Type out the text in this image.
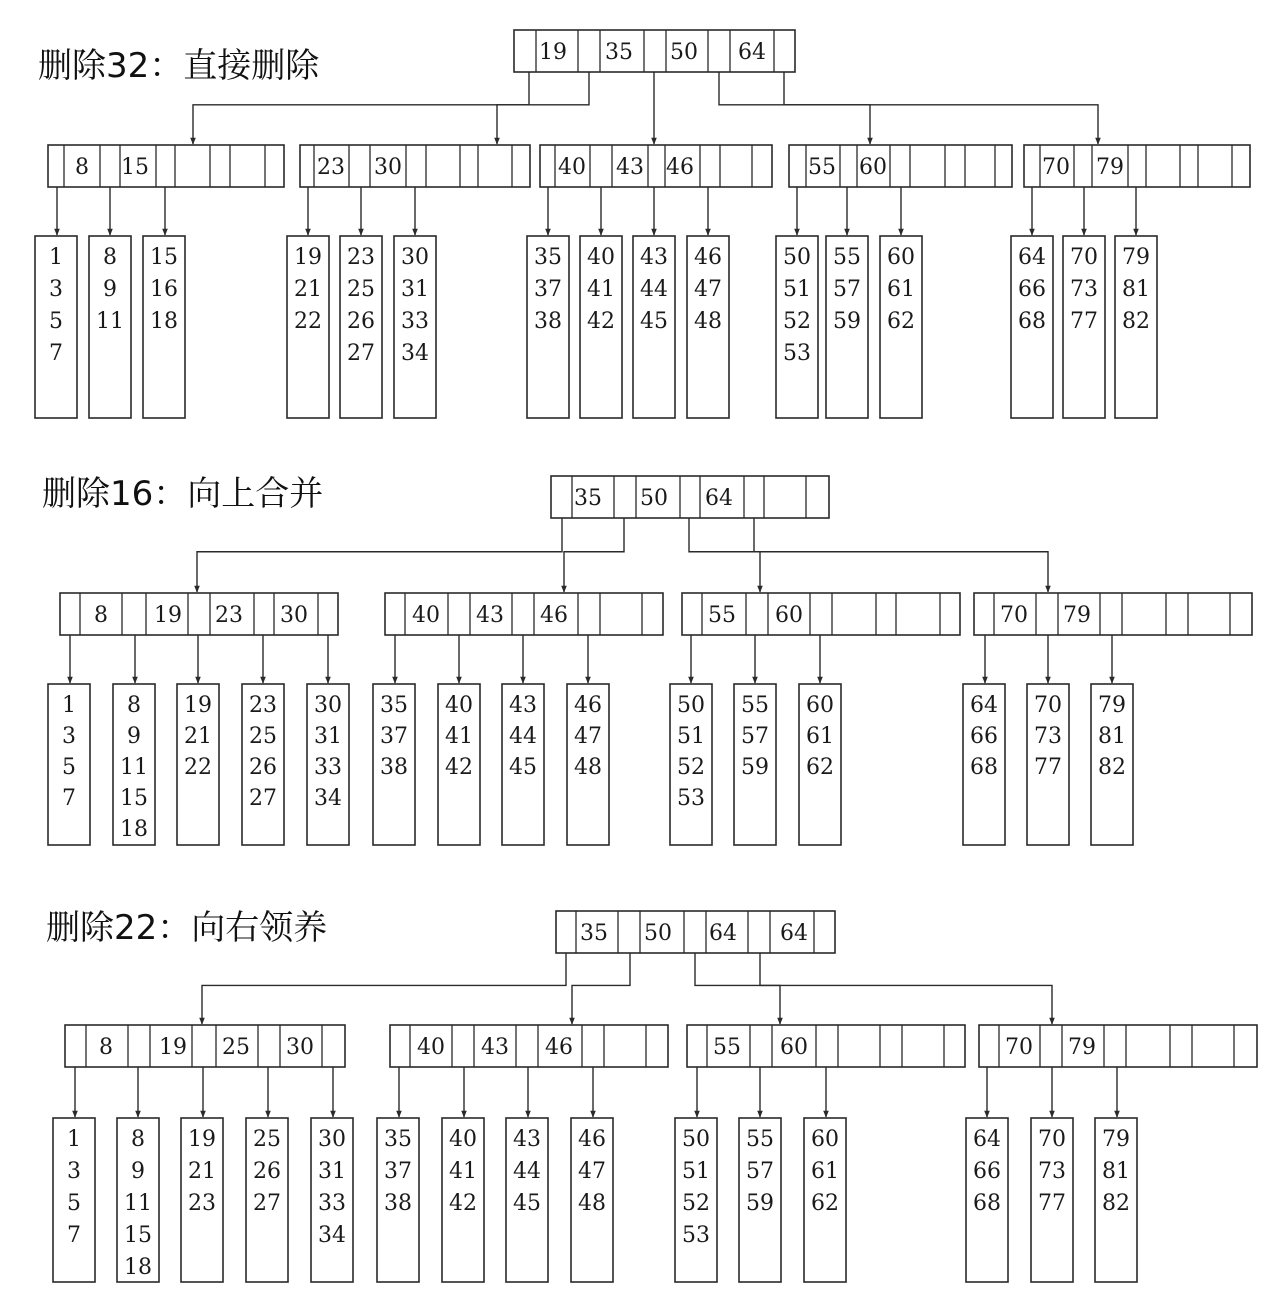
删除32：直接删除
删除16：向上合并
删除22：向右领养
19 35 50 64
8 15	23 30	40 43 46	55 60	70 79
1
3
5
7
8
9
11
15
16
18
19
21
22
23
25
26
27
30
31
33
34
35
37
38
40
41
42
43
44
45
46
47
48
50
51
52
53
55
57
59
60
61
62
64
66
68
70
73
77
79
81
82
35 50 64
8 19 23 30	40 43 46	55 60	70 79
1
3
5
7
8
9
11
15
18
19
21
22
23
25
26
27
30
31
33
34
35
37
38
40
41
42
43
44
45
46
47
48
50
51
52
53
55
57
59
60
61
62
64
66
68
70
73
77
79
81
82
35 50 64 64
8 19 25 30	40 43 46	55 60	70 79
1
3
5
7
8
9
11
15
18
19
21
23
25
26
27
30
31
33
34
35
37
38
40
41
42
43
44
45
46
47
48
50
51
52
53
55
57
59
60
61
62
64
66
68
70
73
77
79
81
82
